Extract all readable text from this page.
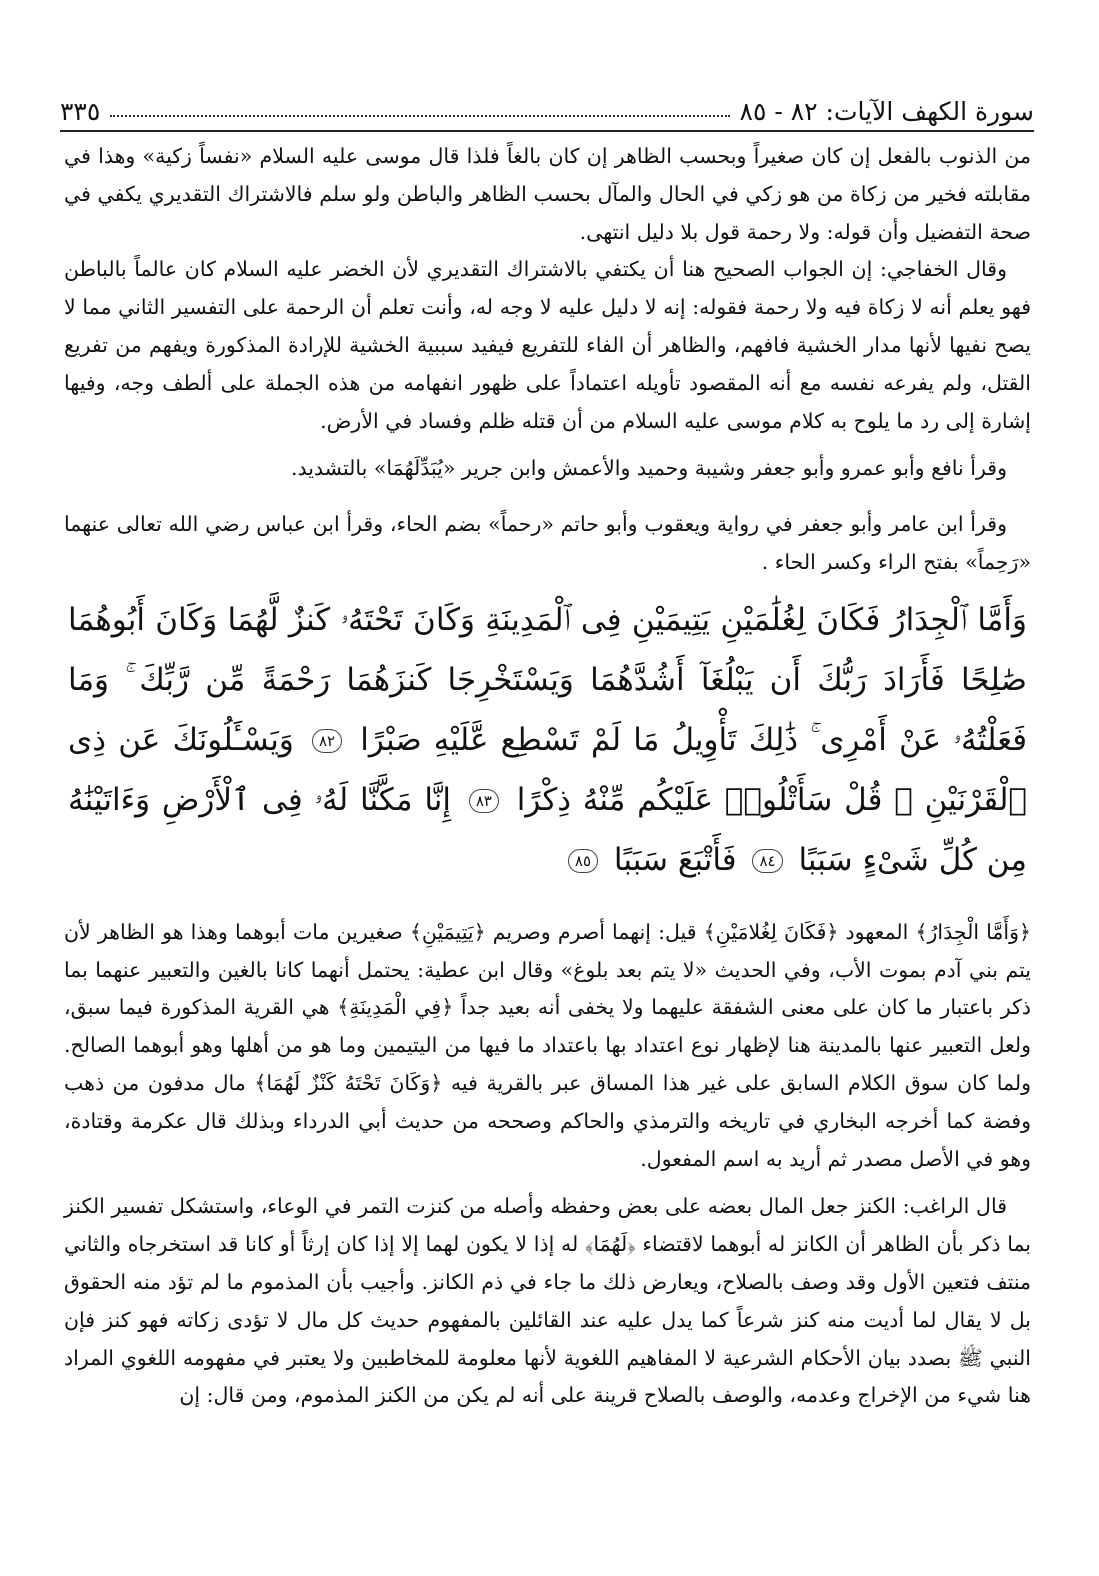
سورة الكهف الآيات: ٨٢ - ٨٥
٣٣٥

من الذنوب بالفعل إن كان صغيراً وبحسب الظاهر إن كان بالغاً فلذا قال موسى عليه السلام «نفساً زكية» وهذا في مقابلته فخير من زكاة من هو زكي في الحال والمآل بحسب الظاهر والباطن ولو سلم فالاشتراك التقديري يكفي في صحة التفضيل وأن قوله: ولا رحمة قول بلا دليل انتهى.

وقال الخفاجي: إن الجواب الصحيح هنا أن يكتفي بالاشتراك التقديري لأن الخضر عليه السلام كان عالماً بالباطن فهو يعلم أنه لا زكاة فيه ولا رحمة فقوله: إنه لا دليل عليه لا وجه له، وأنت تعلم أن الرحمة على التفسير الثاني مما لا يصح نفيها لأنها مدار الخشية فافهم، والظاهر أن الفاء للتفريع فيفيد سببية الخشية للإرادة المذكورة ويفهم من تفريع القتل، ولم يفرعه نفسه مع أنه المقصود تأويله اعتماداً على ظهور انفهامه من هذه الجملة على ألطف وجه، وفيها إشارة إلى رد ما يلوح به كلام موسى عليه السلام من أن قتله ظلم وفساد في الأرض.

وقرأ نافع وأبو عمرو وأبو جعفر وشيبة وحميد والأعمش وابن جرير «يُبَدِّلَهُمَا» بالتشديد.

وقرأ ابن عامر وأبو جعفر في رواية ويعقوب وأبو حاتم «رحماً» بضم الحاء، وقرأ ابن عباس رضي الله تعالى عنهما «رَحِماً» بفتح الراء وكسر الحاء .

وَأَمَّا ٱلْجِدَارُ فَكَانَ لِغُلَٰمَيْنِ يَتِيمَيْنِ فِى ٱلْمَدِينَةِ وَكَانَ تَحْتَهُۥ كَنزٌ لَّهُمَا وَكَانَ أَبُوهُمَا صَٰلِحًا فَأَرَادَ رَبُّكَ أَن يَبْلُغَآ أَشُدَّهُمَا وَيَسْتَخْرِجَا كَنزَهُمَا رَحْمَةً مِّن رَّبِّكَ ۚ وَمَا فَعَلْتُهُۥ عَنْ أَمْرِى ۚ ذَٰلِكَ تَأْوِيلُ مَا لَمْ تَسْطِع عَّلَيْهِ صَبْرًا ٨٢ وَيَسْـَٔلُونَكَ عَن ذِى ٱلْقَرْنَيْنِ ۖ قُلْ سَأَتْلُوا۟ عَلَيْكُم مِّنْهُ ذِكْرًا ٨٣ إِنَّا مَكَّنَّا لَهُۥ فِى ٱلْأَرْضِ وَءَاتَيْنَٰهُ مِن كُلِّ شَىْءٍ سَبَبًا ٨٤ فَأَتْبَعَ سَبَبًا ٨٥

﴿وَأَمَّا الْجِدَارُ﴾ المعهود ﴿فَكَانَ لِغُلامَيْنِ﴾ قيل: إنهما أصرم وصريم ﴿يَتِيمَيْنِ﴾ صغيرين مات أبوهما وهذا هو الظاهر لأن يتم بني آدم بموت الأب، وفي الحديث «لا يتم بعد بلوغ» وقال ابن عطية: يحتمل أنهما كانا بالغين والتعبير عنهما بما ذكر باعتبار ما كان على معنى الشفقة عليهما ولا يخفى أنه بعيد جداً ﴿فِي الْمَدِينَةِ﴾ هي القرية المذكورة فيما سبق، ولعل التعبير عنها بالمدينة هنا لإظهار نوع اعتداد بها باعتداد ما فيها من اليتيمين وما هو من أهلها وهو أبوهما الصالح. ولما كان سوق الكلام السابق على غير هذا المساق عبر بالقرية فيه ﴿وَكَانَ تَحْتَهُ كَنْزٌ لَهُمَا﴾ مال مدفون من ذهب وفضة كما أخرجه البخاري في تاريخه والترمذي والحاكم وصححه من حديث أبي الدرداء وبذلك قال عكرمة وقتادة، وهو في الأصل مصدر ثم أريد به اسم المفعول.

قال الراغب: الكنز جعل المال بعضه على بعض وحفظه وأصله من كنزت التمر في الوعاء، واستشكل تفسير الكنز بما ذكر بأن الظاهر أن الكانز له أبوهما لاقتضاء ﴿لَهُمَا﴾ له إذا لا يكون لهما إلا إذا كان إرثاً أو كانا قد استخرجاه والثاني منتف فتعين الأول وقد وصف بالصلاح، ويعارض ذلك ما جاء في ذم الكانز. وأجيب بأن المذموم ما لم تؤد منه الحقوق بل لا يقال لما أديت منه كنز شرعاً كما يدل عليه عند القائلين بالمفهوم حديث كل مال لا تؤدى زكاته فهو كنز فإن النبي ﷺ بصدد بيان الأحكام الشرعية لا المفاهيم اللغوية لأنها معلومة للمخاطبين ولا يعتبر في مفهومه اللغوي المراد هنا شيء من الإخراج وعدمه، والوصف بالصلاح قرينة على أنه لم يكن من الكنز المذموم، ومن قال: إن
